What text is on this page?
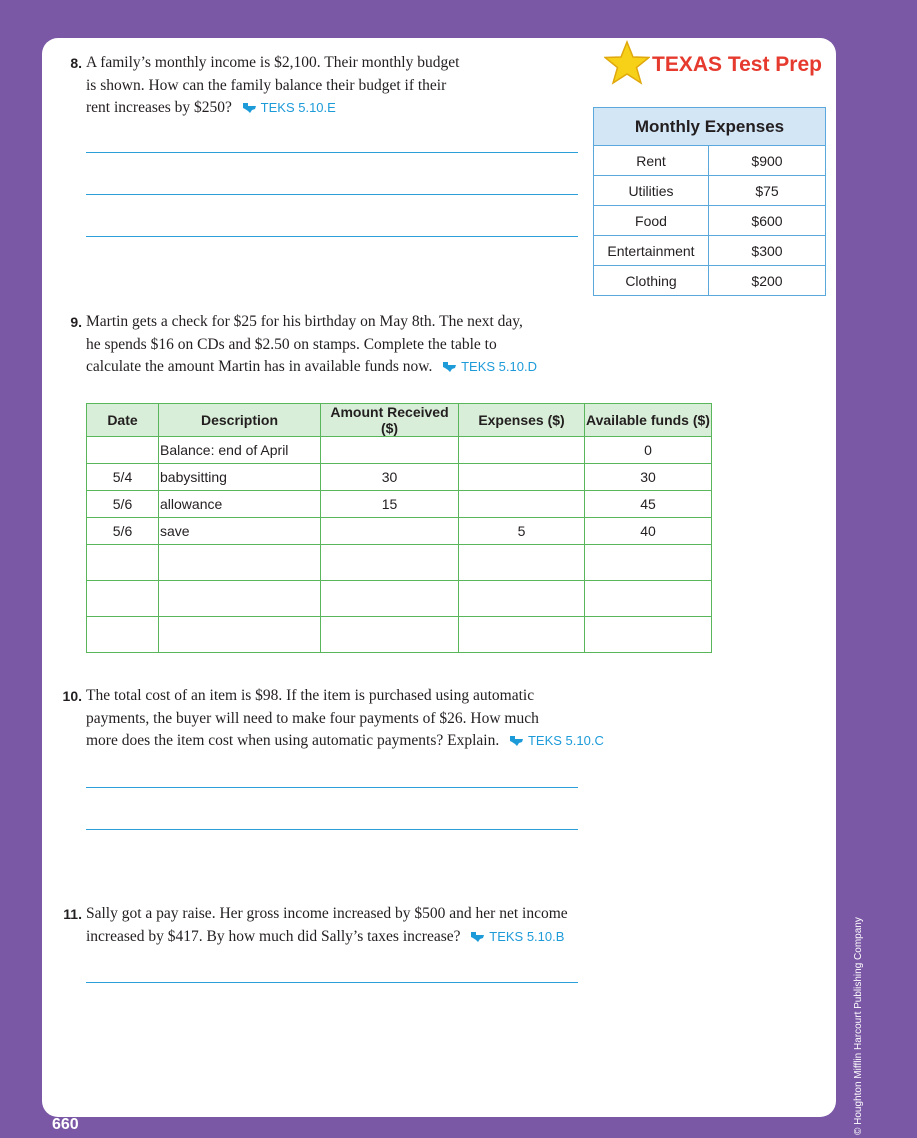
TEXAS Test Prep
8. A family’s monthly income is $2,100. Their monthly budget
is shown. How can the family balance their budget if their
rent increases by $250? TEKS 5.10.E
Monthly Expenses	
Rent	$900
Utilities	$75
Food	$600
Entertainment	$300
Clothing	$200
9. Martin gets a check for $25 for his birthday on May 8th. The next day,
he spends $16 on CDs and $2.50 on stamps. Complete the table to
calculate the amount Martin has in available funds now. TEKS 5.10.D
Date	Description	Amount Received ($)	Expenses ($)	Available funds ($)
	Balance: end of April			0
5/4	babysitting	30		30
5/6	allowance	15		45
5/6	save		5	40

10. The total cost of an item is $98. If the item is purchased using automatic
payments, the buyer will need to make four payments of $26. How much
more does the item cost when using automatic payments? Explain. TEKS 5.10.C
11. Sally got a pay raise. Her gross income increased by $500 and her net income
increased by $417. By how much did Sally’s taxes increase? TEKS 5.10.B
660	© Houghton Mifflin Harcourt Publishing Company
